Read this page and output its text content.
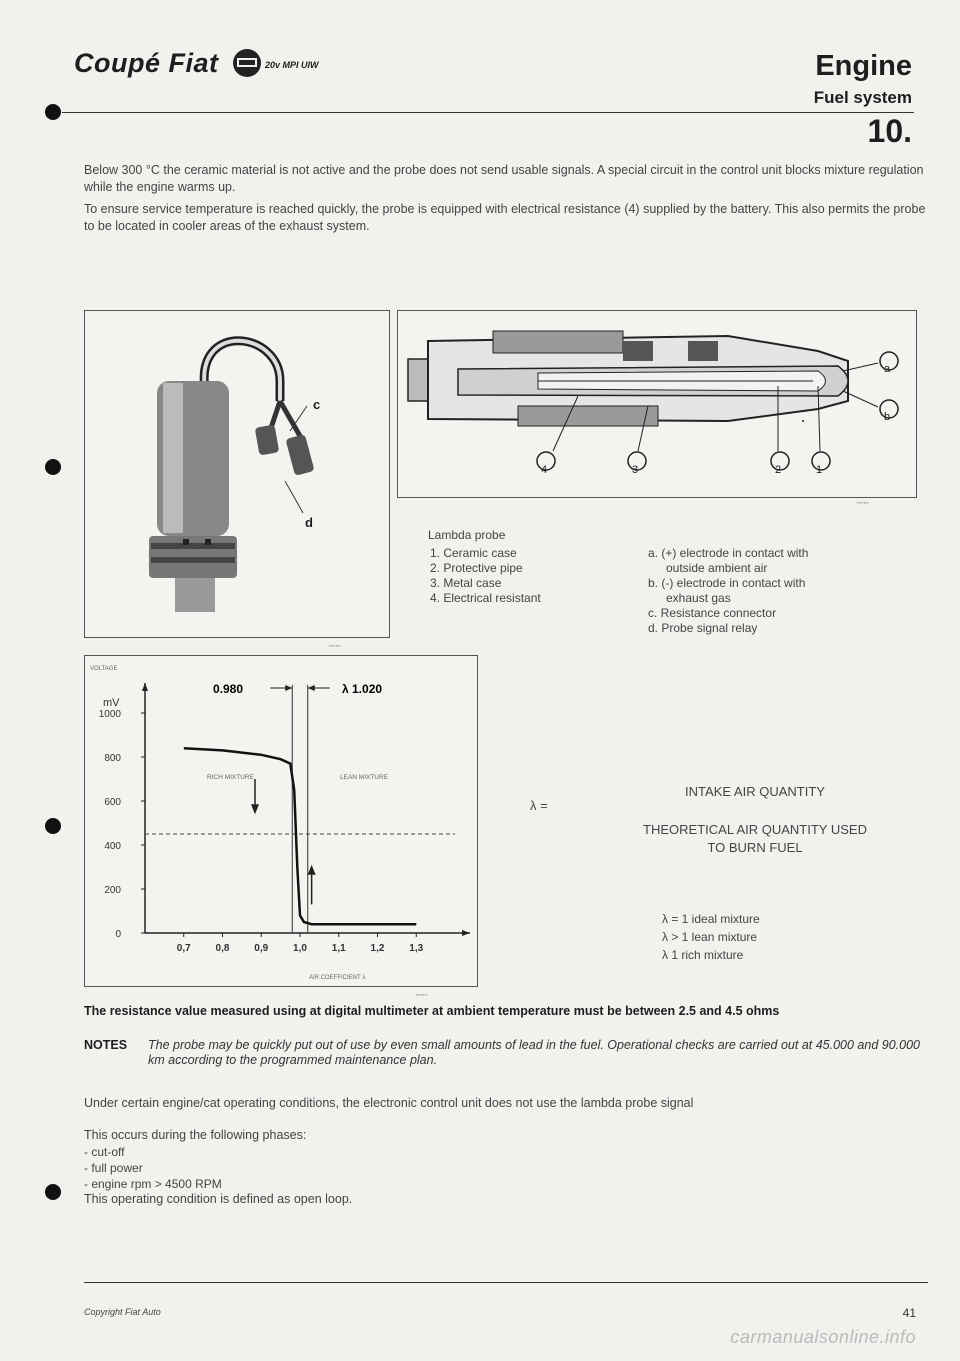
Coupé Fiat	20v MPI UIW	Engine
Fuel system
10.
Below 300 °C the ceramic material is not active and the probe does not send usable signals. A special circuit in the control unit blocks mixture regulation while the engine warms up.
To ensure service temperature is reached quickly, the probe is equipped with electrical resistance (4) supplied by the battery. This also permits the probe to be located in cooler areas of the exhaust system.
c
d
▪▪▪▪▪▪▪
4	3	2	1
a
b
▪▪▪▪▪▪▪
Lambda probe
1. Ceramic case
2. Protective pipe
3. Metal case
4. Electrical resistant
a. (+) electrode in contact with
outside ambient air
b. (-) electrode in contact with
exhaust gas
c. Resistance connector
d. Probe signal relay
VOLTAGE
mV
0.980	λ 1.020
RICH MIXTURE	LEAN MIXTURE
AIR COEFFICIENT λ
1000
800
600
400
200
0
0,7 0,8 0,9 1,0 1,1 1,2 1,3
▪▪▪▪▪▪▪
λ =
INTAKE AIR QUANTITY
THEORETICAL AIR QUANTITY USED
TO BURN FUEL
λ = 1 ideal mixture
λ > 1 lean mixture
λ 1 rich mixture
The resistance value measured using at digital multimeter at ambient temperature must be between 2.5 and 4.5 ohms
NOTES The probe may be quickly put out of use by even small amounts of lead in the fuel. Operational checks are carried out at 45.000 and 90.000 km according to the programmed maintenance plan.
Under certain engine/cat operating conditions, the electronic control unit does not use the lambda probe signal
This occurs during the following phases:
- cut-off
- full power
- engine rpm > 4500 RPM
This operating condition is defined as open loop.
Copyright Fiat Auto	41
carmanualsonline.info
